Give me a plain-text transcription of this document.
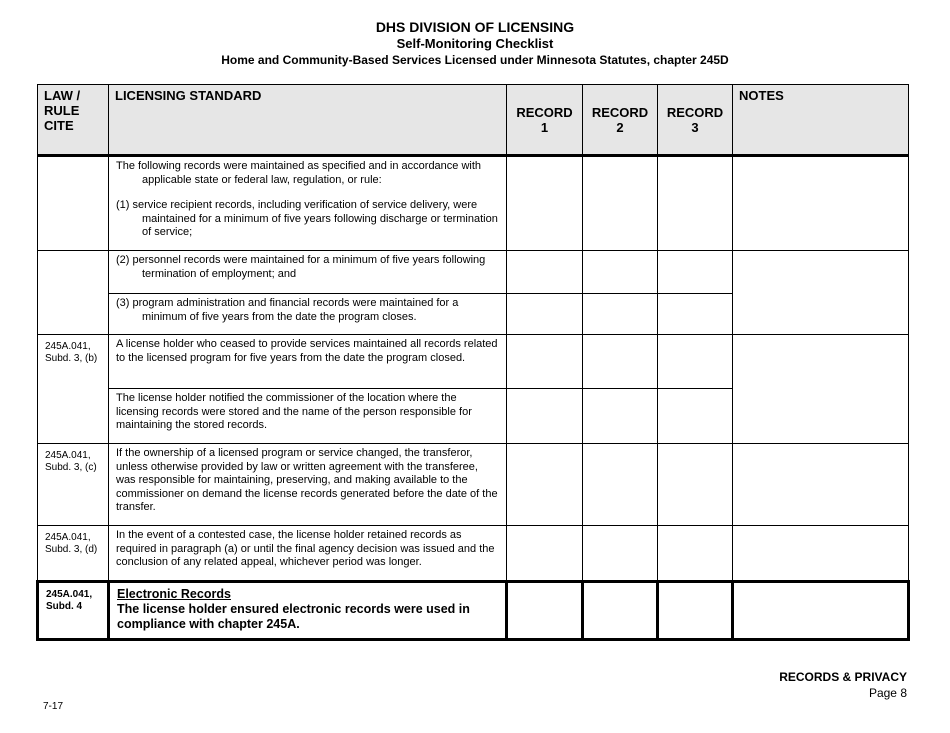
DHS DIVISION OF LICENSING
Self-Monitoring Checklist
Home and Community-Based Services Licensed under Minnesota Statutes, chapter 245D
LAW / RULE CITE	LICENSING STANDARD	RECORD 1	RECORD 2	RECORD 3	NOTES

	The following records were maintained as specified and in accordance with applicable state or federal law, regulation, or rule:
(1) service recipient records, including verification of service delivery, were maintained for a minimum of five years following discharge or termination of service;				

	(2) personnel records were maintained for a minimum of five years following termination of employment; and				

	(3) program administration and financial records were maintained for a minimum of five years from the date the program closes.				

245A.041, Subd. 3, (b)	A license holder who ceased to provide services maintained all records related to the licensed program for five years from the date the program closed.				

	The license holder notified the commissioner of the location where the licensing records were stored and the name of the person responsible for maintaining the stored records.				

245A.041, Subd. 3, (c)	If the ownership of a licensed program or service changed, the transferor, unless otherwise provided by law or written agreement with the transferee, was responsible for maintaining, preserving, and making available to the commissioner on demand the license records generated before the date of the transfer.				

245A.041, Subd. 3, (d)	In the event of a contested case, the license holder retained records as required in paragraph (a) or until the final agency decision was issued and the conclusion of any related appeal, whichever period was longer.				

245A.041, Subd. 4	Electronic Records
The license holder ensured electronic records were used in compliance with chapter 245A.				

RECORDS & PRIVACY
Page 8
7-17
